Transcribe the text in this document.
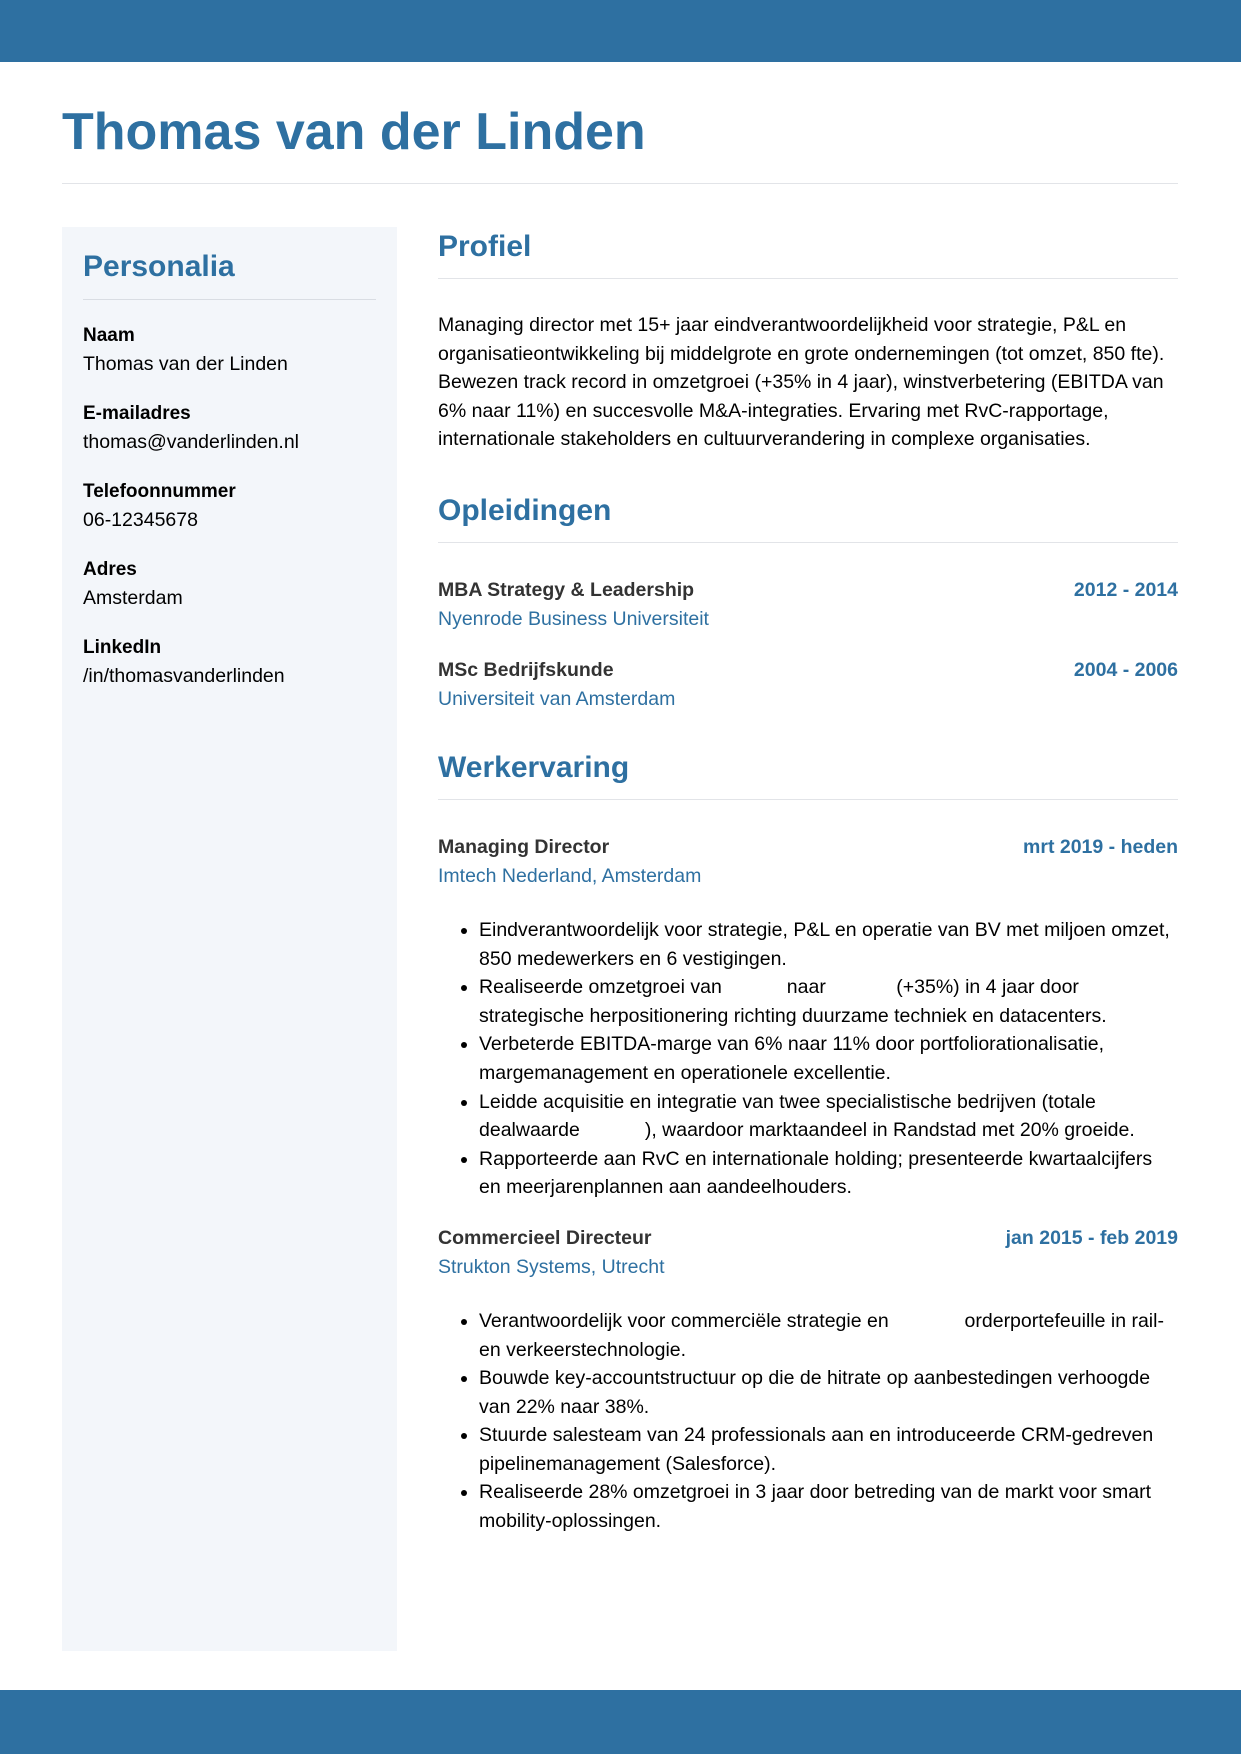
Thomas van der Linden
Personalia
Naam
Thomas van der Linden
E-mailadres
thomas@vanderlinden.nl
Telefoonnummer
06-12345678
Adres
Amsterdam
LinkedIn
/in/thomasvanderlinden
Profiel

Managing director met 15+ jaar eindverantwoordelijkheid voor strategie, P&L en organisatieontwikkeling bij middelgrote en grote ondernemingen (tot omzet, 850 fte). Bewezen track record in omzetgroei (+35% in 4 jaar), winstverbetering (EBITDA van 6% naar 11%) en succesvolle M&A-integraties. Ervaring met RvC-rapportage, internationale stakeholders en cultuurverandering in complexe organisaties.

Opleidingen
MBA Strategy & Leadership	2012 - 2014
Nyenrode Business Universiteit
MSc Bedrijfskunde	2004 - 2006
Universiteit van Amsterdam
Werkervaring
Managing Director	mrt 2019 - heden
Imtech Nederland, Amsterdam
• Eindverantwoordelijk voor strategie, P&L en operatie van BV met miljoen omzet, 850 medewerkers en 6 vestigingen.
• Realiseerde omzetgroei van            naar             (+35%) in 4 jaar door strategische herpositionering richting duurzame techniek en datacenters.
• Verbeterde EBITDA-marge van 6% naar 11% door portfoliorationalisatie, margemanagement en operationele excellentie.
• Leidde acquisitie en integratie van twee specialistische bedrijven (totale dealwaarde            ), waardoor marktaandeel in Randstad met 20% groeide.
• Rapporteerde aan RvC en internationale holding; presenteerde kwartaalcijfers en meerjarenplannen aan aandeelhouders.
Commercieel Directeur	jan 2015 - feb 2019
Strukton Systems, Utrecht
• Verantwoordelijk voor commerciële strategie en              orderportefeuille in rail- en verkeerstechnologie.
• Bouwde key-accountstructuur op die de hitrate op aanbestedingen verhoogde van 22% naar 38%.
• Stuurde salesteam van 24 professionals aan en introduceerde CRM-gedreven pipelinemanagement (Salesforce).
• Realiseerde 28% omzetgroei in 3 jaar door betreding van de markt voor smart mobility-oplossingen.
